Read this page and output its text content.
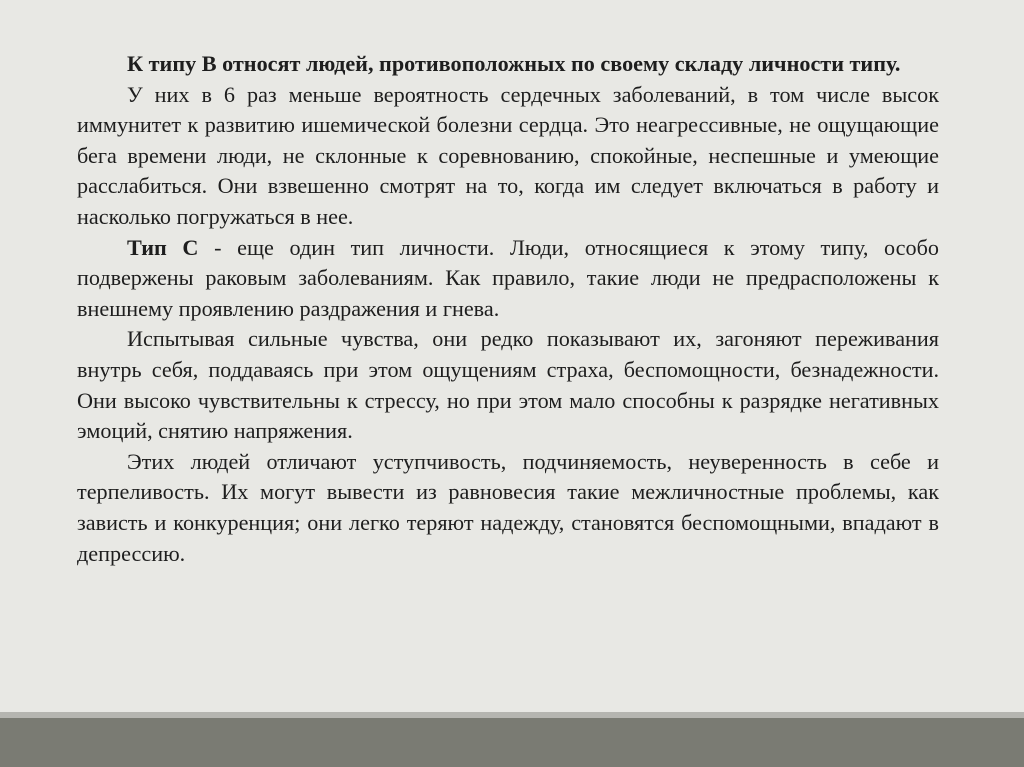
К типу В относят людей, противоположных по своему складу личности типу.

У них в 6 раз меньше вероятность сердечных заболеваний, в том числе высок иммунитет к развитию ишемической болезни сердца. Это неагрессивные, не ощущающие бега времени люди, не склонные к соревнованию, спокойные, неспешные и умеющие расслабиться. Они взвешенно смотрят на то, когда им следует включаться в работу и насколько погружаться в нее.

Тип С - еще один тип личности. Люди, относящиеся к этому типу, особо подвержены раковым заболеваниям. Как правило, такие люди не предрасположены к внешнему проявлению раздражения и гнева.

Испытывая сильные чувства, они редко показывают их, загоняют переживания внутрь себя, поддаваясь при этом ощущениям страха, беспомощности, безнадежности. Они высоко чувствительны к стрессу, но при этом мало способны к разрядке негативных эмоций, снятию напряжения.

Этих людей отличают уступчивость, подчиняемость, неуверенность в себе и терпеливость. Их могут вывести из равновесия такие межличностные проблемы, как зависть и конкуренция; они легко теряют надежду, становятся беспомощными, впадают в депрессию.
